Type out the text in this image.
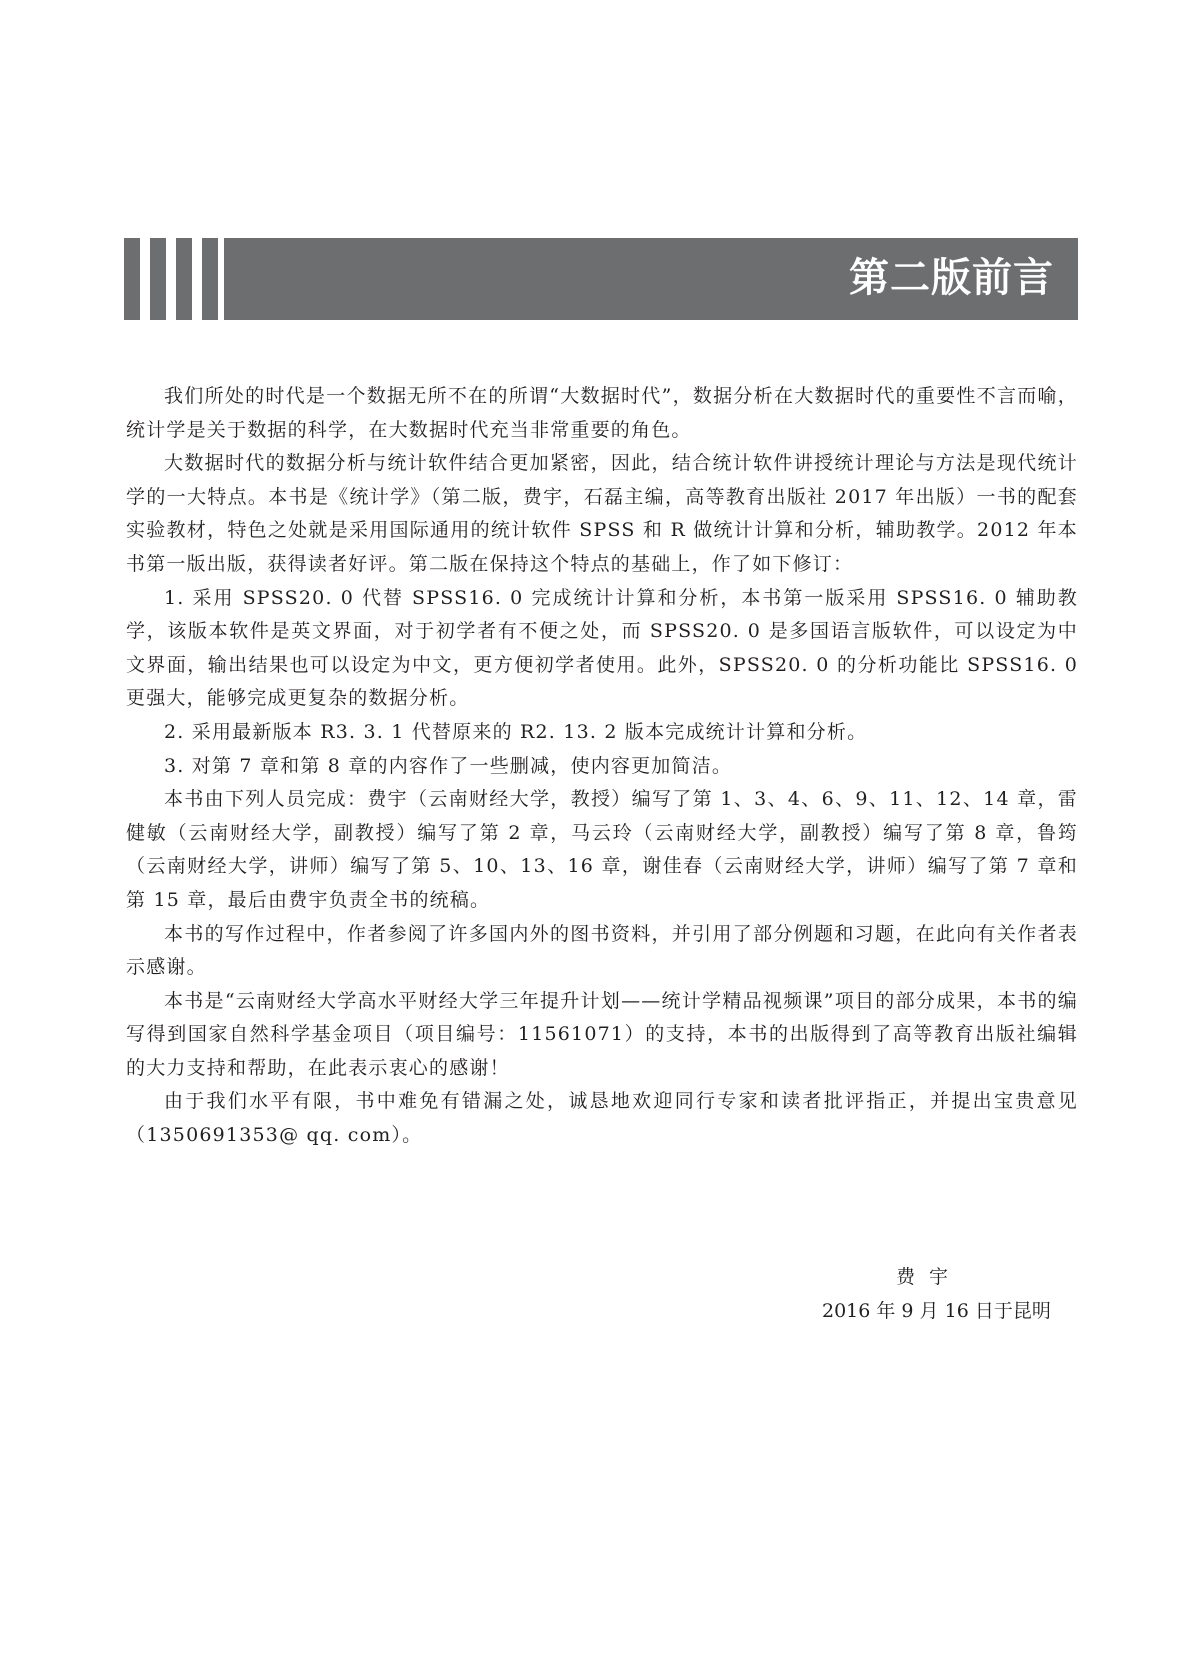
第二版前言

我们所处的时代是一个数据无所不在的所谓“大数据时代”，数据分析在大数据时代的重要性不言而喻，统计学是关于数据的科学，在大数据时代充当非常重要的角色。

大数据时代的数据分析与统计软件结合更加紧密，因此，结合统计软件讲授统计理论与方法是现代统计学的一大特点。本书是《统计学》（第二版，费宇，石磊主编，高等教育出版社 2017 年出版）一书的配套实验教材，特色之处就是采用国际通用的统计软件 SPSS 和 R 做统计计算和分析，辅助教学。2012 年本书第一版出版，获得读者好评。第二版在保持这个特点的基础上，作了如下修订：

1. 采用 SPSS20. 0 代替 SPSS16. 0 完成统计计算和分析，本书第一版采用 SPSS16. 0 辅助教学，该版本软件是英文界面，对于初学者有不便之处，而 SPSS20. 0 是多国语言版软件，可以设定为中文界面，输出结果也可以设定为中文，更方便初学者使用。此外，SPSS20. 0 的分析功能比 SPSS16. 0 更强大，能够完成更复杂的数据分析。

2. 采用最新版本 R3. 3. 1 代替原来的 R2. 13. 2 版本完成统计计算和分析。

3. 对第 7 章和第 8 章的内容作了一些删减，使内容更加简洁。

本书由下列人员完成：费宇（云南财经大学，教授）编写了第 1、3、4、6、9、11、12、14 章，雷健敏（云南财经大学，副教授）编写了第 2 章，马云玲（云南财经大学，副教授）编写了第 8 章，鲁筠（云南财经大学，讲师）编写了第 5、10、13、16 章，谢佳春（云南财经大学，讲师）编写了第 7 章和第 15 章，最后由费宇负责全书的统稿。

本书的写作过程中，作者参阅了许多国内外的图书资料，并引用了部分例题和习题，在此向有关作者表示感谢。

本书是“云南财经大学高水平财经大学三年提升计划——统计学精品视频课”项目的部分成果，本书的编写得到国家自然科学基金项目（项目编号：11561071）的支持，本书的出版得到了高等教育出版社编辑的大力支持和帮助，在此表示衷心的感谢！

由于我们水平有限，书中难免有错漏之处，诚恳地欢迎同行专家和读者批评指正，并提出宝贵意见（1350691353@ qq. com）。

费宇
2016 年 9 月 16 日于昆明
